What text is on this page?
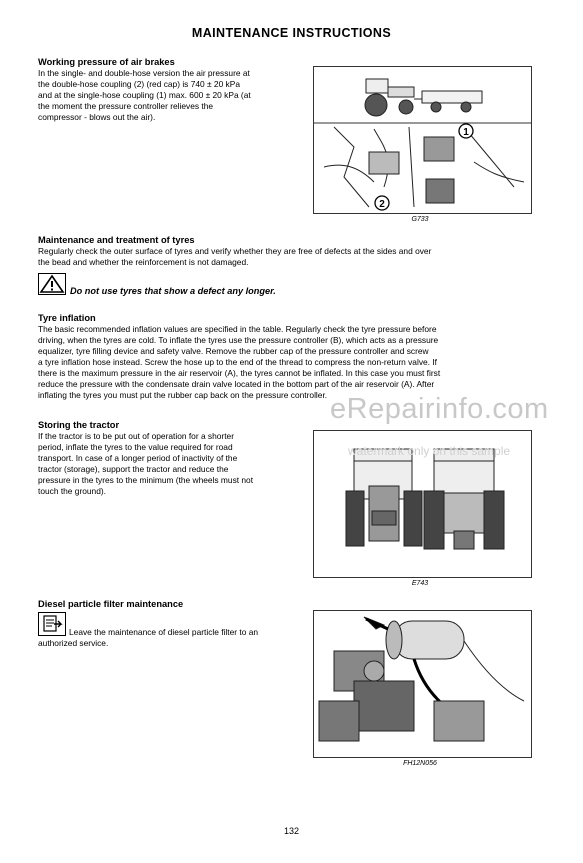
MAINTENANCE INSTRUCTIONS
Working pressure of air brakes
In the single- and double-hose version the air pressure at
the double-hose coupling (2) (red cap) is 740 ± 20 kPa
and at the single-hose coupling (1) max. 600 ± 20 kPa (at
the moment the pressure controller relieves the
compressor - blows out the air).
1
2
G733
Maintenance and treatment of tyres
Regularly check the outer surface of tyres and verify whether they are free of defects at the sides and over
the bead and whether the reinforcement is not damaged.
Do not use tyres that show a defect any longer.
Tyre inflation
The basic recommended inflation values are specified in the table. Regularly check the tyre pressure before
driving, when the tyres are cold. To inflate the tyres use the pressure controller (B), which acts as a pressure
equalizer, tyre filling device and safety valve. Remove the rubber cap of the pressure controller and screw
a tyre inflation hose instead. Screw the hose up to the end of the thread to compress the non-return valve. If
there is the maximum pressure in the air reservoir (A), the tyres cannot be inflated. In this case you must first
reduce the pressure with the condensate drain valve located in the bottom part of the air reservoir (A). After
inflating the tyres you must put the rubber cap back on the pressure controller.
Storing the tractor
If the tractor is to be put out of operation for a shorter
period, inflate the tyres to the value required for road
transport. In case of a longer period of inactivity of the
tractor (storage), support the tractor and reduce the
pressure in the tyres to the minimum (the wheels must not
touch the ground).
E743
Diesel particle filter maintenance
Leave the maintenance of diesel particle filter to an
authorized service.
FH12N056
eRepairinfo.com
watermark only on this sample
132
